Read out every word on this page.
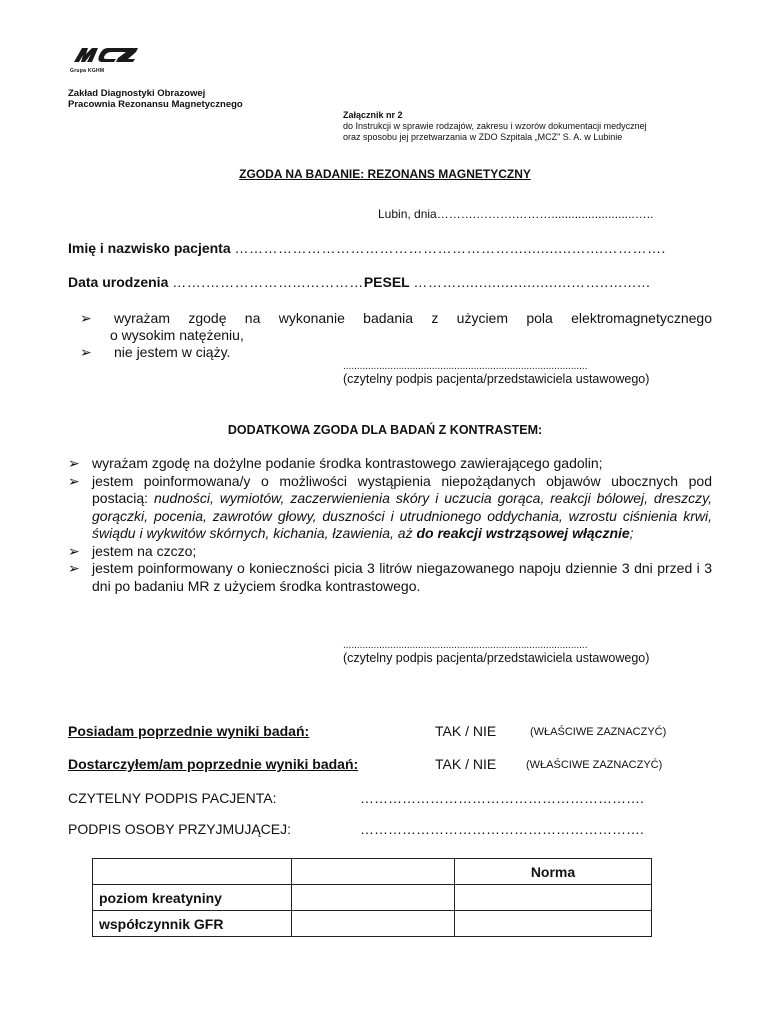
Grupa KGHM
Zakład Diagnostyki Obrazowej
Pracownia Rezonansu Magnetycznego
Załącznik nr 2
do Instrukcji w sprawie rodzajów, zakresu i wzorów dokumentacji medycznej
oraz sposobu jej przetwarzania w ZDO Szpitala „MCZ" S. A. w Lubinie
ZGODA NA BADANIE: REZONANS MAGNETYCZNY
Lubin, dnia……….……….……….........................…..
Imię i nazwisko pacjenta …………………………………………………..............…....………….
Data urodzenia …….………………...…………PESEL ………..........................……..…...…
➢	wyrażam zgodę na wykonanie badania z użyciem pola elektromagnetycznego
o wysokim natężeniu,
➢	nie jestem w ciąży.
........................................................................................
(czytelny podpis pacjenta/przedstawiciela ustawowego)
DODATKOWA ZGODA DLA BADAŃ Z KONTRASTEM:
➢ wyrażam zgodę na dożylne podanie środka kontrastowego zawierającego gadolin;
➢ jestem poinformowana/y o możliwości wystąpienia niepożądanych objawów ubocznych pod postacią: nudności, wymiotów, zaczerwienienia skóry i uczucia gorąca, reakcji bólowej, dreszczy, gorączki, pocenia, zawrotów głowy, duszności i utrudnionego oddychania, wzrostu ciśnienia krwi, świądu i wykwitów skórnych, kichania, łzawienia, aż do reakcji wstrząsowej włącznie;
➢ jestem na czczo;
➢ jestem poinformowany o konieczności picia 3 litrów niegazowanego napoju dziennie 3 dni przed i 3 dni po badaniu MR z użyciem środka kontrastowego.
........................................................................................
(czytelny podpis pacjenta/przedstawiciela ustawowego)
Posiadam poprzednie wyniki badań:	TAK / NIE	(WŁAŚCIWE ZAZNACZYĆ)
Dostarczyłem/am poprzednie wyniki badań:	TAK / NIE	(WŁAŚCIWE ZAZNACZYĆ)
CZYTELNY PODPIS PACJENTA:	…………………………………………………….
PODPIS OSOBY PRZYJMUJĄCEJ:	…………………………………………………….
		Norma
poziom kreatyniny		
współczynnik GFR		
